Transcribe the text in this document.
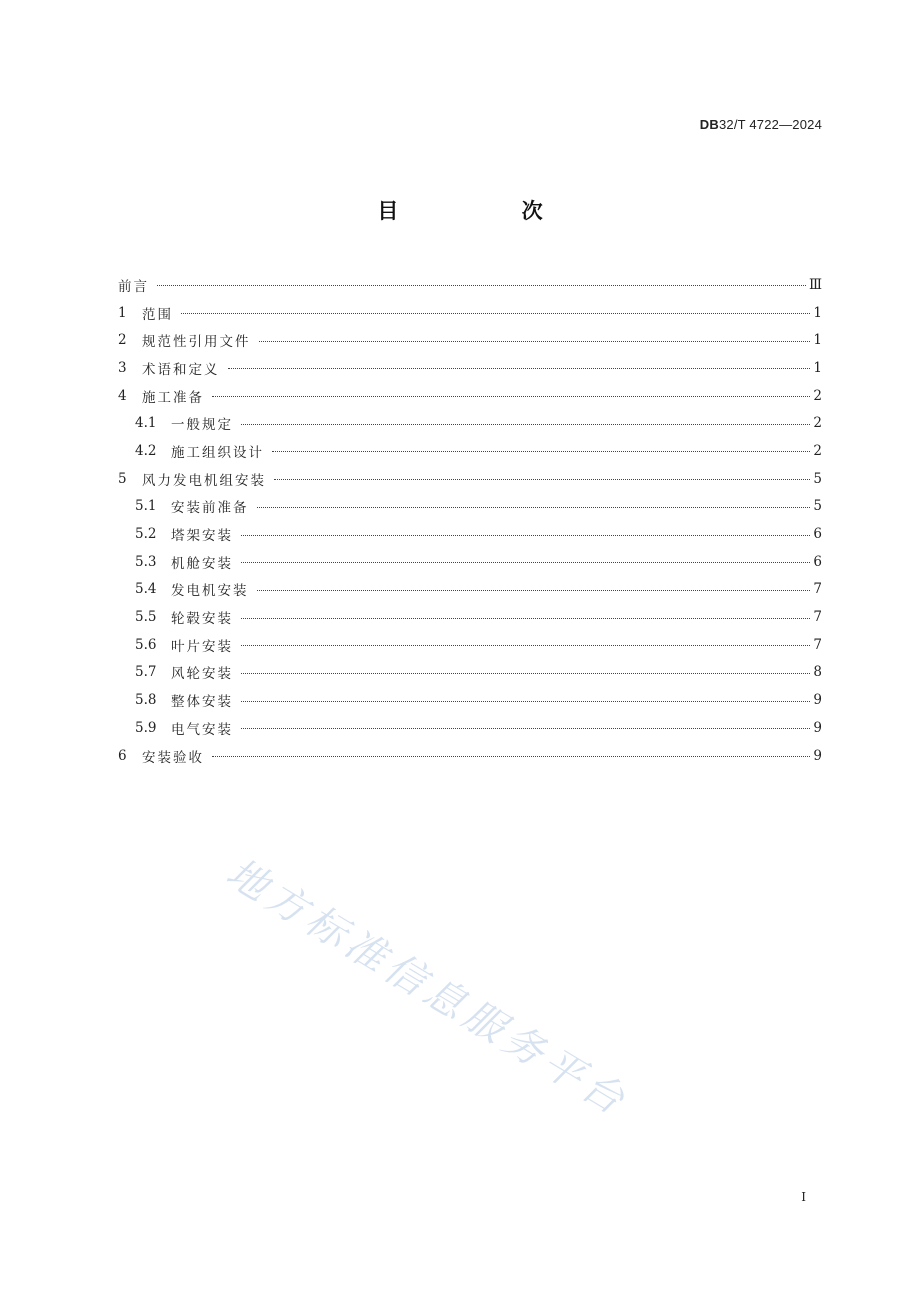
DB32/T 4722—2024
目 次
前言	Ⅲ
1	范围	1
2	规范性引用文件	1
3	术语和定义	1
4	施工准备	2
4.1	一般规定	2
4.2	施工组织设计	2
5	风力发电机组安装	5
5.1	安装前准备	5
5.2	塔架安装	6
5.3	机舱安装	6
5.4	发电机安装	7
5.5	轮毂安装	7
5.6	叶片安装	7
5.7	风轮安装	8
5.8	整体安装	9
5.9	电气安装	9
6	安装验收	9
地方标准信息服务平台
I
